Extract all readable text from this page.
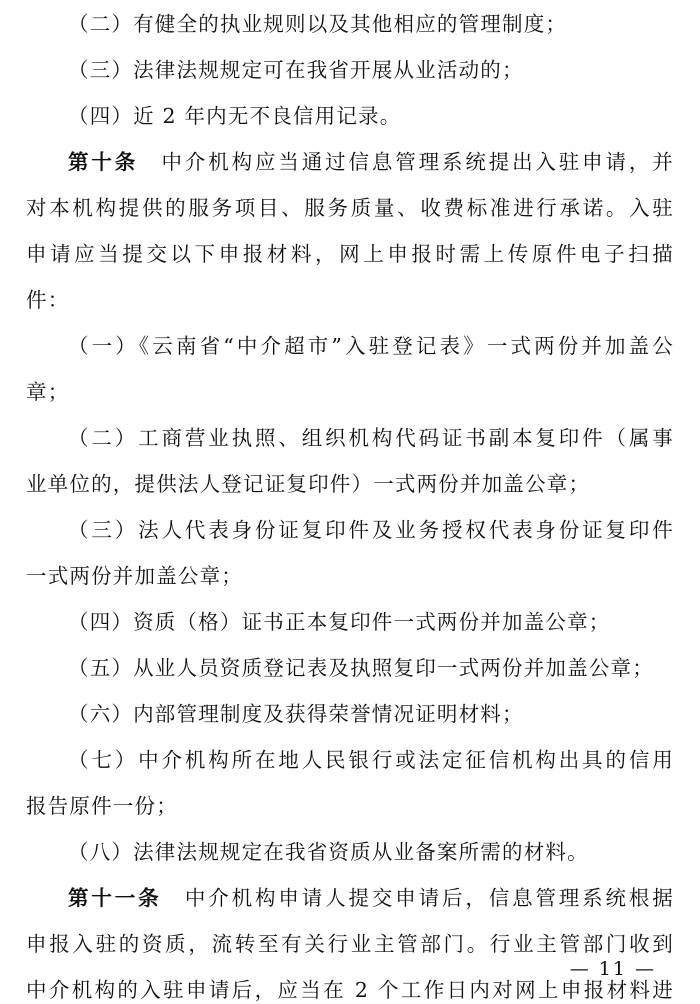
（二）有健全的执业规则以及其他相应的管理制度；
（三）法律法规规定可在我省开展从业活动的；
（四）近 2 年内无不良信用记录。
第十条　中介机构应当通过信息管理系统提出入驻申请，并
对本机构提供的服务项目、服务质量、收费标准进行承诺。入驻
申请应当提交以下申报材料，网上申报时需上传原件电子扫描
件：
（一）《云南省“中介超市”入驻登记表》一式两份并加盖公
章；
（二）工商营业执照、组织机构代码证书副本复印件（属事
业单位的，提供法人登记证复印件）一式两份并加盖公章；
（三）法人代表身份证复印件及业务授权代表身份证复印件
一式两份并加盖公章；
（四）资质（格）证书正本复印件一式两份并加盖公章；
（五）从业人员资质登记表及执照复印一式两份并加盖公章；
（六）内部管理制度及获得荣誉情况证明材料；
（七）中介机构所在地人民银行或法定征信机构出具的信用
报告原件一份；
（八）法律法规规定在我省资质从业备案所需的材料。
第十一条　中介机构申请人提交申请后，信息管理系统根据
申报入驻的资质，流转至有关行业主管部门。行业主管部门收到
中介机构的入驻申请后，应当在 2 个工作日内对网上申报材料进
— 11 —
